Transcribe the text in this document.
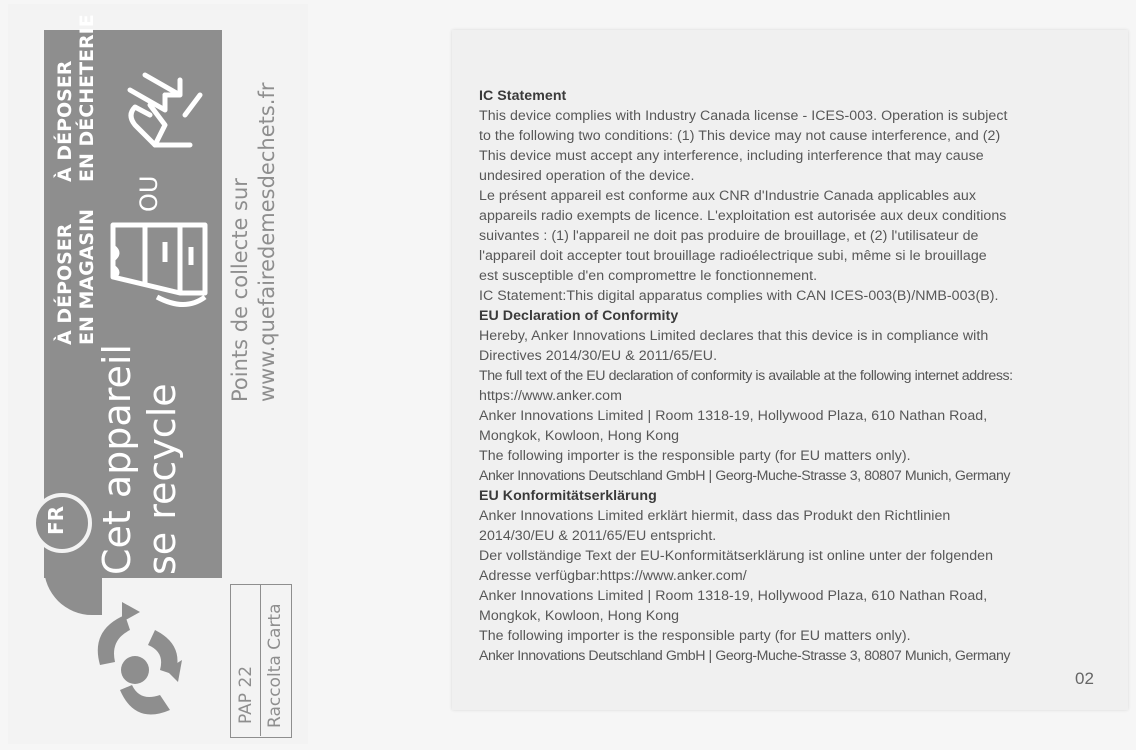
FR Cet appareil se recycle
À DÉPOSER EN MAGASIN
À DÉPOSER EN DÉCHETERIE
OU	Points de collecte sur www.quefairedemesdechets.fr
PAP 22 Raccolta Carta
IC Statement
This device complies with Industry Canada license - ICES-003. Operation is subject
to the following two conditions: (1) This device may not cause interference, and (2)
This device must accept any interference, including interference that may cause
undesired operation of the device.
Le présent appareil est conforme aux CNR d'Industrie Canada applicables aux
appareils radio exempts de licence. L'exploitation est autorisée aux deux conditions
suivantes : (1) l'appareil ne doit pas produire de brouillage, et (2) l'utilisateur de
l'appareil doit accepter tout brouillage radioélectrique subi, même si le brouillage
est susceptible d'en compromettre le fonctionnement.
IC Statement:This digital apparatus complies with CAN ICES-003(B)/NMB-003(B).
EU Declaration of Conformity
Hereby, Anker Innovations Limited declares that this device is in compliance with
Directives 2014/30/EU & 2011/65/EU.
The full text of the EU declaration of conformity is available at the following internet address:
https://www.anker.com
Anker Innovations Limited | Room 1318-19, Hollywood Plaza, 610 Nathan Road,
Mongkok, Kowloon, Hong Kong
The following importer is the responsible party (for EU matters only).
Anker Innovations Deutschland GmbH | Georg-Muche-Strasse 3, 80807 Munich, Germany
EU Konformitätserklärung
Anker Innovations Limited erklärt hiermit, dass das Produkt den Richtlinien
2014/30/EU & 2011/65/EU entspricht.
Der vollständige Text der EU-Konformitätserklärung ist online unter der folgenden
Adresse verfügbar:https://www.anker.com/
Anker Innovations Limited | Room 1318-19, Hollywood Plaza, 610 Nathan Road,
Mongkok, Kowloon, Hong Kong
The following importer is the responsible party (for EU matters only).
Anker Innovations Deutschland GmbH | Georg-Muche-Strasse 3, 80807 Munich, Germany
02
